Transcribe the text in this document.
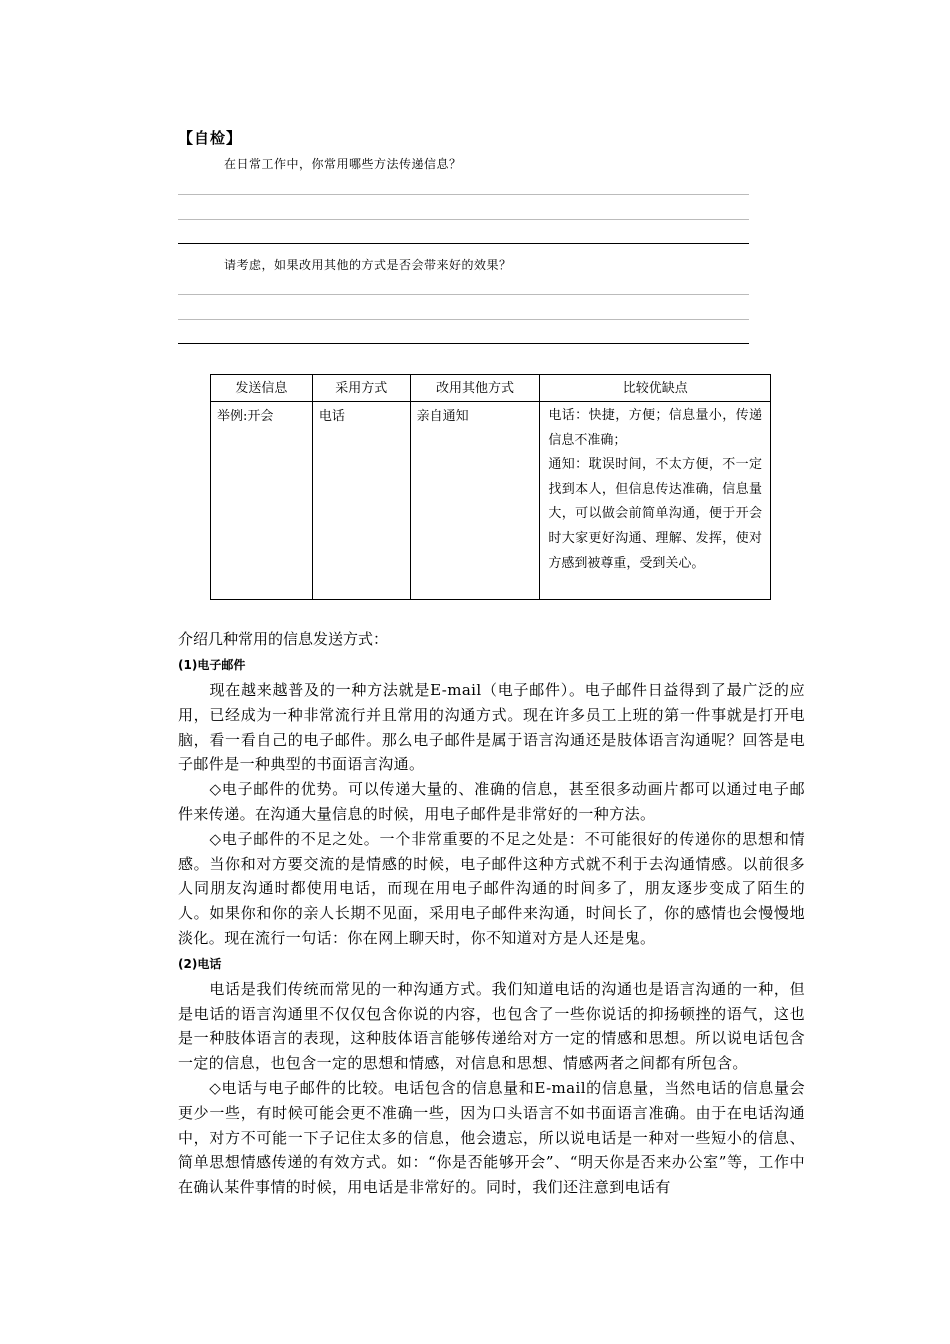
【自检】
在日常工作中，你常用哪些方法传递信息？
请考虑，如果改用其他的方式是否会带来好的效果？
发送信息	采用方式	改用其他方式	比较优缺点
举例:开会	电话	亲自通知	电话：快捷，方便；信息量小，传递信息不准确；
通知：耽误时间，不太方便，不一定找到本人，但信息传达准确，信息量大，可以做会前简单沟通，便于开会时大家更好沟通、理解、发挥，使对方感到被尊重，受到关心。
介绍几种常用的信息发送方式：
(1)电子邮件

　　现在越来越普及的一种方法就是E-mail（电子邮件）。电子邮件日益得到了最广泛的应用，已经成为一种非常流行并且常用的沟通方式。现在许多员工上班的第一件事就是打开电脑，看一看自己的电子邮件。那么电子邮件是属于语言沟通还是肢体语言沟通呢？回答是电子邮件是一种典型的书面语言沟通。

　　◇电子邮件的优势。可以传递大量的、准确的信息，甚至很多动画片都可以通过电子邮件来传递。在沟通大量信息的时候，用电子邮件是非常好的一种方法。

　　◇电子邮件的不足之处。一个非常重要的不足之处是：不可能很好的传递你的思想和情感。当你和对方要交流的是情感的时候，电子邮件这种方式就不利于去沟通情感。以前很多人同朋友沟通时都使用电话，而现在用电子邮件沟通的时间多了，朋友逐步变成了陌生的人。如果你和你的亲人长期不见面，采用电子邮件来沟通，时间长了，你的感情也会慢慢地淡化。现在流行一句话：你在网上聊天时，你不知道对方是人还是鬼。

(2)电话

　　电话是我们传统而常见的一种沟通方式。我们知道电话的沟通也是语言沟通的一种，但是电话的语言沟通里不仅仅包含你说的内容，也包含了一些你说话的抑扬顿挫的语气，这也是一种肢体语言的表现，这种肢体语言能够传递给对方一定的情感和思想。所以说电话包含一定的信息，也包含一定的思想和情感，对信息和思想、情感两者之间都有所包含。

　　◇电话与电子邮件的比较。电话包含的信息量和E-mail的信息量，当然电话的信息量会更少一些，有时候可能会更不准确一些，因为口头语言不如书面语言准确。由于在电话沟通中，对方不可能一下子记住太多的信息，他会遗忘，所以说电话是一种对一些短小的信息、简单思想情感传递的有效方式。如：“你是否能够开会”、“明天你是否来办公室”等，工作中在确认某件事情的时候，用电话是非常好的。同时，我们还注意到电话有
